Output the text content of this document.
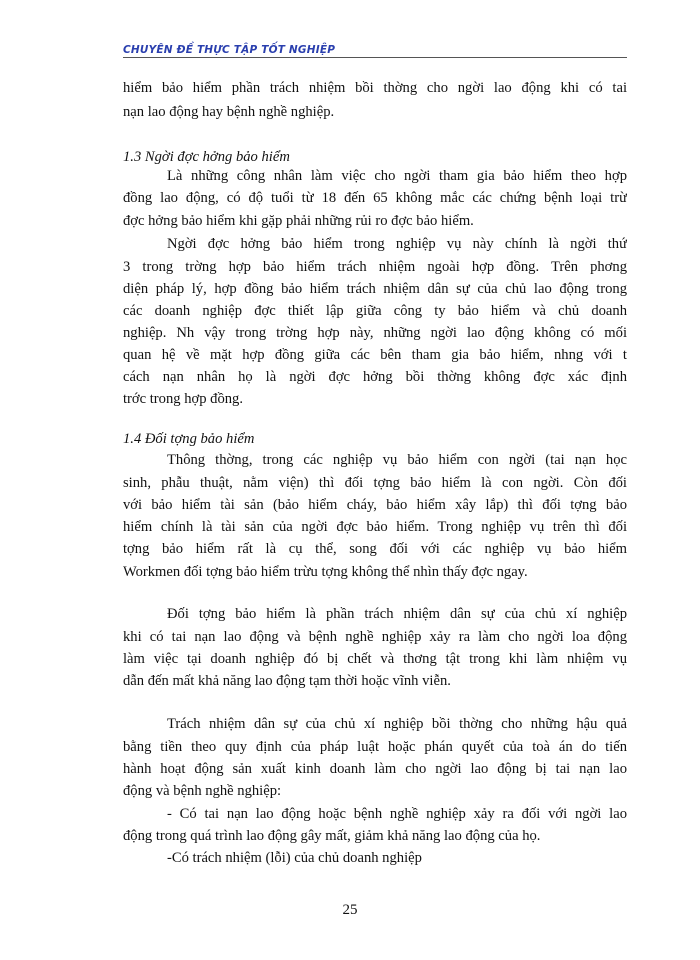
CHUYÊN ĐỀ THỰC TẬP TỐT NGHIỆP
hiểm bảo hiểm phần trách nhiệm bồi thờng cho ngời lao động khi có tai
nạn lao động hay bệnh nghề nghiệp.
1.3 Ngời đợc hởng bảo hiểm
Là những công nhân làm việc cho ngời tham gia bảo hiểm theo hợp
đồng lao động, có độ tuổi từ 18 đến 65 không mắc các chứng bệnh loại trừ
đợc hởng bảo hiểm khi gặp phải những rủi ro đợc bảo hiểm.
Ngời đợc hởng bảo hiểm trong nghiệp vụ này chính là ngời thứ
3 trong trờng hợp bảo hiểm trách nhiệm ngoài hợp đồng. Trên phơng
diện pháp lý, hợp đồng bảo hiểm trách nhiệm dân sự của chủ lao động trong
các doanh nghiệp đợc thiết lập giữa công ty bảo hiểm và chủ doanh
nghiệp. Nh vậy trong trờng hợp này, những ngời lao động không có mối
quan hệ về mặt hợp đồng giữa các bên tham gia bảo hiểm, nhng với t
cách nạn nhân họ là ngời đợc hởng bồi thờng không đợc xác định
trớc trong hợp đồng.
1.4 Đối tợng bảo hiểm
Thông thờng, trong các nghiệp vụ bảo hiểm con ngời (tai nạn học
sinh, phẫu thuật, nằm viện) thì đối tợng bảo hiểm là con ngời. Còn đối
với bảo hiểm tài sản (bảo hiểm cháy, bảo hiểm xây lắp) thì đối tợng bảo
hiểm chính là tài sản của ngời đợc bảo hiểm. Trong nghiệp vụ trên thì đối
tợng bảo hiểm rất là cụ thể, song đối với các nghiệp vụ bảo hiểm
Workmen đối tợng bảo hiểm trừu tợng không thể nhìn thấy đợc ngay.
Đối tợng bảo hiểm là phần trách nhiệm dân sự của chủ xí nghiệp
khi có tai nạn lao động và bệnh nghề nghiệp xảy ra làm cho ngời loa động
làm việc tại doanh nghiệp đó bị chết và thơng tật trong khi làm nhiệm vụ
dẫn đến mất khả năng lao động tạm thời hoặc vĩnh viễn.
Trách nhiệm dân sự của chủ xí nghiệp bồi thờng cho những hậu quả
bằng tiền theo quy định của pháp luật hoặc phán quyết của toà án do tiến
hành hoạt động sản xuất kinh doanh làm cho ngời lao động bị tai nạn lao
động và bệnh nghề nghiệp:
- Có tai nạn lao động hoặc bệnh nghề nghiệp xảy ra đối với ngời lao
động trong quá trình lao động gây mất, giảm khả năng lao động của họ.
-Có trách nhiệm (lỗi) của chủ doanh nghiệp
25
